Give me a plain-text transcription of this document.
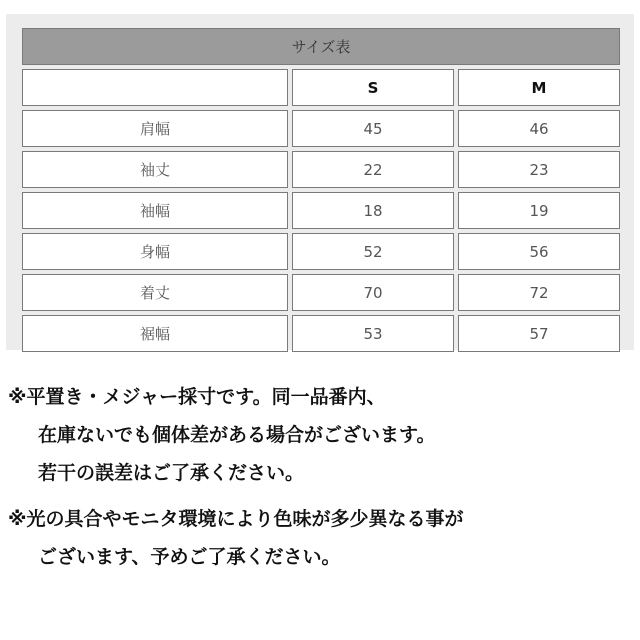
サイズ表		
	S	M
肩幅	45	46
袖丈	22	23
袖幅	18	19
身幅	52	56
着丈	70	72
裾幅	53	57
※平置き・メジャー採寸です。同一品番内、
在庫ないでも個体差がある場合がございます。
若干の誤差はご了承ください。
※光の具合やモニタ環境により色味が多少異なる事が
ございます、予めご了承ください。
